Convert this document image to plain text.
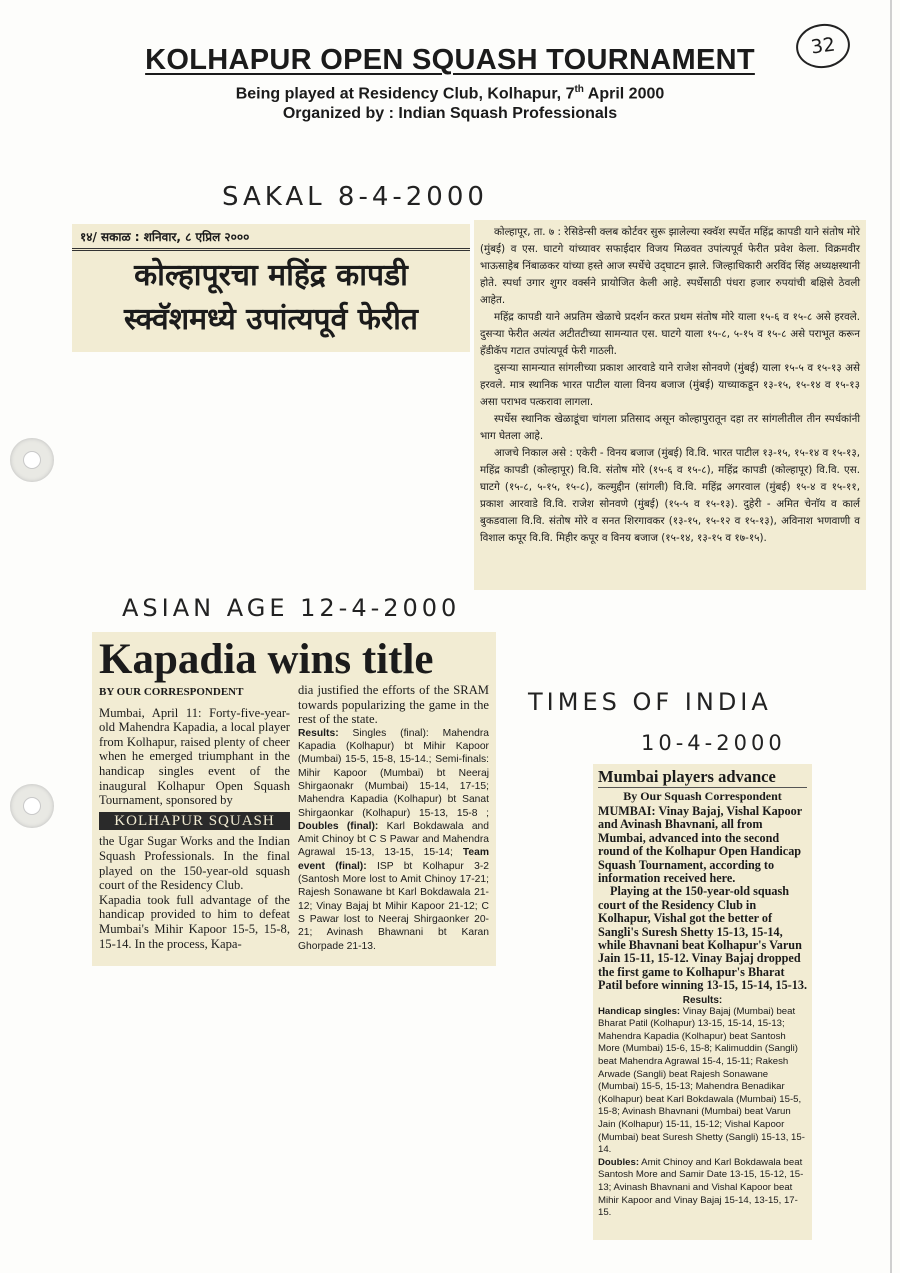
KOLHAPUR OPEN SQUASH TOURNAMENT
Being played at Residency Club, Kolhapur, 7th April 2000
Organized by : Indian Squash Professionals
32
SAKAL 8-4-2000
ASIAN AGE 12-4-2000
TIMES OF INDIA
10-4-2000
१४/ सकाळ : शनिवार, ८ एप्रिल २०००
कोल्हापूरचा महिंद्र कापडी
स्क्वॅशमध्ये उपांत्यपूर्व फेरीत

कोल्हापूर, ता. ७ : रेसिडेन्सी क्लब कोर्टवर सुरू झालेल्या स्क्वॅश स्पर्धेत महिंद्र कापडी याने संतोष मोरे (मुंबई) व एस. घाटगे यांच्यावर सफाईदार विजय मिळवत उपांत्यपूर्व फेरीत प्रवेश केला. विक्रमवीर भाऊसाहेब निंबाळकर यांच्या हस्ते आज स्पर्धेचे उद्‌घाटन झाले. जिल्हाधिकारी अरविंद सिंह अध्यक्षस्थानी होते. स्पर्धा उगार शुगर वर्क्सने प्रायोजित केली आहे. स्पर्धेसाठी पंधरा हजार रुपयांची बक्षिसे ठेवली आहेत.

महिंद्र कापडी याने अप्रतिम खेळाचे प्रदर्शन करत प्रथम संतोष मोरे याला १५-६ व १५-८ असे हरवले. दुसऱ्या फेरीत अत्यंत अटीतटीच्या सामन्यात एस. घाटगे याला १५-८, ५-१५ व १५-८ असे पराभूत करून हॅंडीकॅप गटात उपांत्यपूर्व फेरी गाठली.

दुसऱ्या सामन्यात सांगलीच्या प्रकाश आरवाडे याने राजेश सोनवणे (मुंबई) याला १५-५ व १५-१३ असे हरवले. मात्र स्थानिक भारत पाटील याला विनय बजाज (मुंबई) याच्याकडून १३-१५, १५-१४ व १५-१३ असा पराभव पत्करावा लागला.

स्पर्धेस स्थानिक खेळाडूंचा चांगला प्रतिसाद असून कोल्हापुरातून दहा तर सांगलीतील तीन स्पर्धकांनी भाग घेतला आहे.

आजचे निकाल असे : एकेरी - विनय बजाज (मुंबई) वि.वि. भारत पाटील १३-१५, १५-१४ व १५-१३, महिंद्र कापडी (कोल्हापूर) वि.वि. संतोष मोरे (१५-६ व १५-८), महिंद्र कापडी (कोल्हापूर) वि.वि. एस. घाटगे (१५-८, ५-१५, १५-८), कल्मुद्दीन (सांगली) वि.वि. महिंद्र अगरवाल (मुंबई) १५-४ व १५-११, प्रकाश आरवाडे वि.वि. राजेश सोनवणे (मुंबई) (१५-५ व १५-१३). दुहेरी - अमित चेनाॅय व कार्ल बुकडवाला वि.वि. संतोष मोरे व सनत शिरगावकर (१३-१५, १५-१२ व १५-१३), अविनाश भणवाणी व विशाल कपूर वि.वि. मिहीर कपूर व विनय बजाज (१५-१४, १३-१५ व १७-१५).

Kapadia wins title
BY OUR CORRESPONDENT

Mumbai, April 11: Forty-five-year-old Mahendra Kapadia, a local player from Kolhapur, raised plenty of cheer when he emerged triumphant in the handicap singles event of the inaugural Kolhapur Open Squash Tournament, sponsored by

KOLHAPUR SQUASH

the Ugar Sugar Works and the Indian Squash Professionals. In the final played on the 150-year-old squash court of the Residency Club.

Kapadia took full advantage of the handicap provided to him to defeat Mumbai's Mihir Kapoor 15-5, 15-8, 15-14. In the process, Kapa-

dia justified the efforts of the SRAM towards popularizing the game in the rest of the state.

Results: Singles (final): Mahendra Kapadia (Kolhapur) bt Mihir Kapoor (Mumbai) 15-5, 15-8, 15-14.; Semi-finals: Mihir Kapoor (Mumbai) bt Neeraj Shirgaonakr (Mumbai) 15-14, 17-15; Mahendra Kapadia (Kolhapur) bt Sanat Shirgaonkar (Kolhapur) 15-13, 15-8 ; Doubles (final): Karl Bokdawala and Amit Chinoy bt C S Pawar and Mahendra Agrawal 15-13, 13-15, 15-14; Team event (final): ISP bt Kolhapur 3-2 (Santosh More lost to Amit Chinoy 17-21; Rajesh Sonawane bt Karl Bokdawala 21-12; Vinay Bajaj bt Mihir Kapoor 21-12; C S Pawar lost to Neeraj Shirgaonker 20-21; Avinash Bhawnani bt Karan Ghorpade 21-13.

Mumbai players advance
By Our Squash Correspondent

MUMBAI: Vinay Bajaj, Vishal Kapoor and Avinash Bhavnani, all from Mumbai, advanced into the second round of the Kolhapur Open Handicap Squash Tournament, according to information received here.

Playing at the 150-year-old squash court of the Residency Club in Kolhapur, Vishal got the better of Sangli's Suresh Shetty 15-13, 15-14, while Bhavnani beat Kolhapur's Varun Jain 15-11, 15-12. Vinay Bajaj dropped the first game to Kolhapur's Bharat Patil before winning 13-15, 15-14, 15-13.

Results:

Handicap singles: Vinay Bajaj (Mumbai) beat Bharat Patil (Kolhapur) 13-15, 15-14, 15-13; Mahendra Kapadia (Kolhapur) beat Santosh More (Mumbai) 15-6, 15-8; Kalimuddin (Sangli) beat Mahendra Agrawal 15-4, 15-11; Rakesh Arwade (Sangli) beat Rajesh Sonawane (Mumbai) 15-5, 15-13; Mahendra Benadikar (Kolhapur) beat Karl Bokdawala (Mumbai) 15-5, 15-8; Avinash Bhavnani (Mumbai) beat Varun Jain (Kolhapur) 15-11, 15-12; Vishal Kapoor (Mumbai) beat Suresh Shetty (Sangli) 15-13, 15-14.

Doubles: Amit Chinoy and Karl Bokdawala beat Santosh More and Samir Date 13-15, 15-12, 15-13; Avinash Bhavnani and Vishal Kapoor beat Mihir Kapoor and Vinay Bajaj 15-14, 13-15, 17-15.
